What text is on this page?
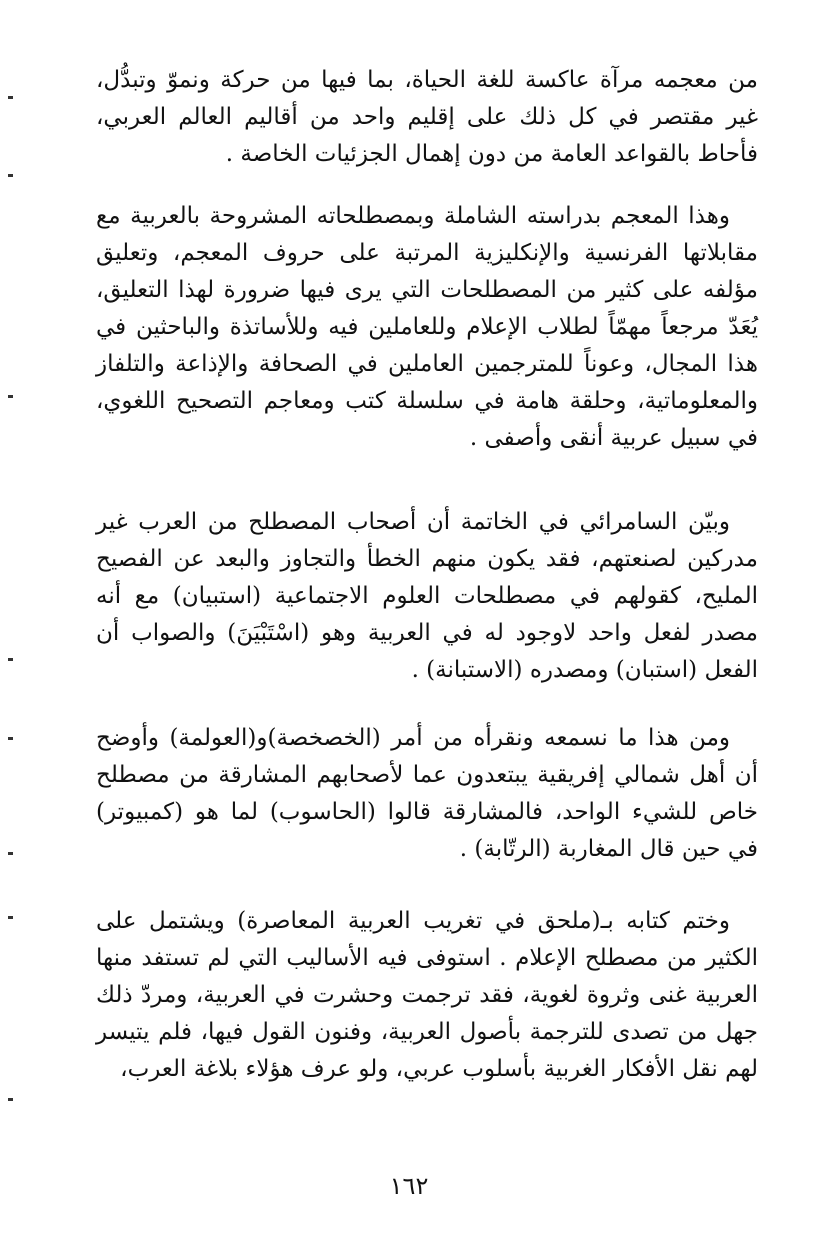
من معجمه مرآة عاكسة للغة الحياة، بما فيها من حركة ونموّ وتبدُّل، غير مقتصر في كل ذلك على إقليم واحد من أقاليم العالم العربي، فأحاط بالقواعد العامة من دون إهمال الجزئيات الخاصة .

وهذا المعجم بدراسته الشاملة وبمصطلحاته المشروحة بالعربية مع مقابلاتها الفرنسية والإنكليزية المرتبة على حروف المعجم، وتعليق مؤلفه على كثير من المصطلحات التي يرى فيها ضرورة لهذا التعليق، يُعَدّ مرجعاً مهمّاً لطلاب الإعلام وللعاملين فيه وللأساتذة والباحثين في هذا المجال، وعوناً للمترجمين العاملين في الصحافة والإذاعة والتلفاز والمعلوماتية، وحلقة هامة في سلسلة كتب ومعاجم التصحيح اللغوي، في سبيل عربية أنقى وأصفى .

وبيّن السامرائي في الخاتمة أن أصحاب المصطلح من العرب غير مدركين لصنعتهم، فقد يكون منهم الخطأ والتجاوز والبعد عن الفصيح المليح، كقولهم في مصطلحات العلوم الاجتماعية (استبيان) مع أنه مصدر لفعل واحد لاوجود له في العربية وهو (اسْتَبْيَنَ) والصواب أن الفعل (استبان) ومصدره (الاستبانة) .

ومن هذا ما نسمعه ونقرأه من أمر (الخصخصة)و(العولمة) وأوضح أن أهل شمالي إفريقية يبتعدون عما لأصحابهم المشارقة من مصطلح خاص للشيء الواحد، فالمشارقة قالوا (الحاسوب) لما هو (كمبيوتر) في حين قال المغاربة (الرتّابة) .

وختم كتابه بـ(ملحق في تغريب العربية المعاصرة) ويشتمل على الكثير من مصطلح الإعلام . استوفى فيه الأساليب التي لم تستفد منها العربية غنى وثروة لغوية، فقد ترجمت وحشرت في العربية، ومردّ ذلك جهل من تصدى للترجمة بأصول العربية، وفنون القول فيها، فلم يتيسر لهم نقل الأفكار الغربية بأسلوب عربي، ولو عرف هؤلاء بلاغة العرب،

١٦٢
